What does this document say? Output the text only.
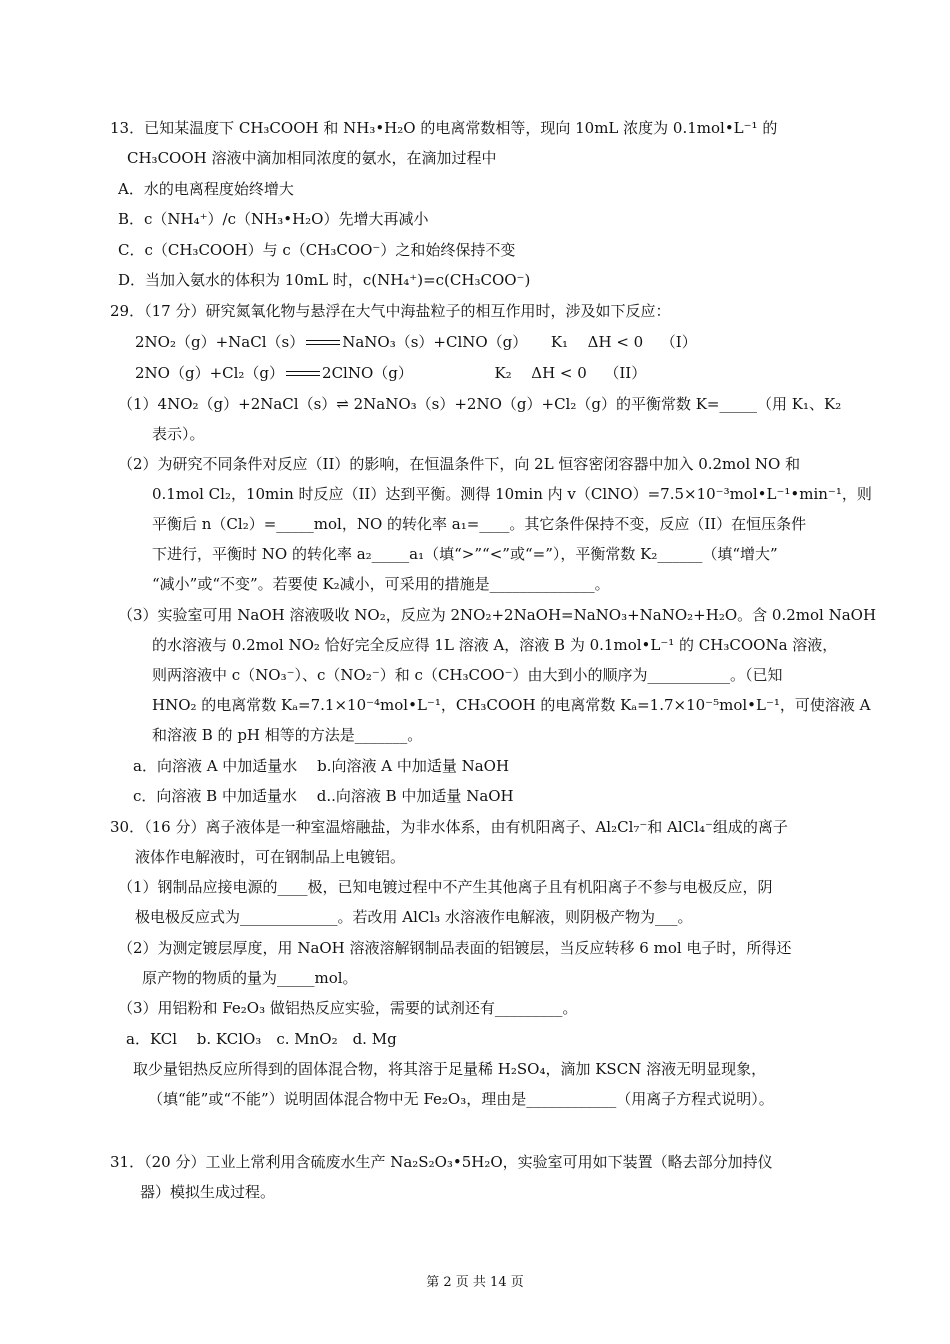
13．已知某温度下 CH₃COOH 和 NH₃•H₂O 的电离常数相等，现向 10mL 浓度为 0.1mol•L⁻¹ 的
CH₃COOH 溶液中滴加相同浓度的氨水，在滴加过程中
A．水的电离程度始终增大
B．c（NH₄⁺）/c（NH₃•H₂O）先增大再减小
C．c（CH₃COOH）与 c（CH₃COO⁻）之和始终保持不变
D．当加入氨水的体积为 10mL 时，c(NH₄⁺)=c(CH₃COO⁻)
29．（17 分）研究氮氧化物与悬浮在大气中海盐粒子的相互作用时，涉及如下反应：
（1）4NO₂（g）+2NaCl（s）⇌ 2NaNO₃（s）+2NO（g）+Cl₂（g）的平衡常数 K=_____（用 K₁、K₂
表示）。
（2）为研究不同条件对反应（II）的影响，在恒温条件下，向 2L 恒容密闭容器中加入 0.2mol NO 和
0.1mol Cl₂，10min 时反应（II）达到平衡。测得 10min 内 v（ClNO）=7.5×10⁻³mol•L⁻¹•min⁻¹，则
平衡后 n（Cl₂）=_____mol，NO 的转化率 a₁=____。其它条件保持不变，反应（II）在恒压条件
下进行，平衡时 NO 的转化率 a₂_____a₁（填“>”“<”或“=”），平衡常数 K₂______（填“增大”
“减小”或“不变”。若要使 K₂减小，可采用的措施是______________。
（3）实验室可用 NaOH 溶液吸收 NO₂，反应为 2NO₂+2NaOH=NaNO₃+NaNO₂+H₂O。含 0.2mol NaOH
的水溶液与 0.2mol NO₂ 恰好完全反应得 1L 溶液 A，溶液 B 为 0.1mol•L⁻¹ 的 CH₃COONa 溶液，
则两溶液中 c（NO₃⁻）、c（NO₂⁻）和 c（CH₃COO⁻）由大到小的顺序为___________。（已知
HNO₂ 的电离常数 Kₐ=7.1×10⁻⁴mol•L⁻¹，CH₃COOH 的电离常数 Kₐ=1.7×10⁻⁵mol•L⁻¹，可使溶液 A
和溶液 B 的 pH 相等的方法是_______。
a．向溶液 A 中加适量水　 b.向溶液 A 中加适量 NaOH
c．向溶液 B 中加适量水　 d..向溶液 B 中加适量 NaOH
30．（16 分）离子液体是一种室温熔融盐，为非水体系，由有机阳离子、Al₂Cl₇⁻和 AlCl₄⁻组成的离子
液体作电解液时，可在钢制品上电镀铝。
（1）钢制品应接电源的____极，已知电镀过程中不产生其他离子且有机阳离子不参与电极反应，阴
极电极反应式为_____________。若改用 AlCl₃ 水溶液作电解液，则阴极产物为___。
（2）为测定镀层厚度，用 NaOH 溶液溶解钢制品表面的铝镀层，当反应转移 6 mol 电子时，所得还
原产物的物质的量为_____mol。
（3）用铝粉和 Fe₂O₃ 做铝热反应实验，需要的试剂还有_________。
a．KCl　 b. KClO₃　c. MnO₂　d. Mg
取少量铝热反应所得到的固体混合物，将其溶于足量稀 H₂SO₄，滴加 KSCN 溶液无明显现象，
（填“能”或“不能”）说明固体混合物中无 Fe₂O₃，理由是____________（用离子方程式说明）。
31．（20 分）工业上常利用含硫废水生产 Na₂S₂O₃•5H₂O，实验室可用如下装置（略去部分加持仪
器）模拟生成过程。
2NO₂（g）+NaCl（s）	NaNO₃（s）+ClNO（g） K₁ ΔH < 0 （I）
2NO（g）+Cl₂（g）	2ClNO（g）	K₂ ΔH < 0 （II）
第 2 页 共 14 页
